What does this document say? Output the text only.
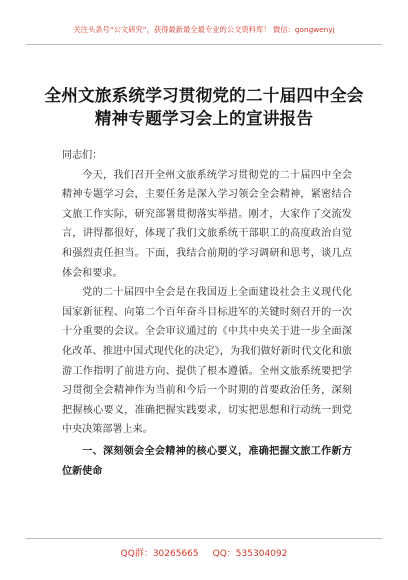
关注头条号“公文研究”，获得最新最全最专业的公文资料库！ 微信：gongwenyj
全州文旅系统学习贯彻党的二十届四中全会精神专题学习会上的宣讲报告

同志们：

今天，我们召开全州文旅系统学习贯彻党的二十届四中全会精神专题学习会，主要任务是深入学习领会全会精神，紧密结合文旅工作实际，研究部署贯彻落实举措。刚才，大家作了交流发言，讲得都很好，体现了我们文旅系统干部职工的高度政治自觉和强烈责任担当。下面，我结合前期的学习调研和思考，谈几点体会和要求。

党的二十届四中全会是在我国迈上全面建设社会主义现代化国家新征程、向第二个百年奋斗目标进军的关键时刻召开的一次十分重要的会议。全会审议通过的《中共中央关于进一步全面深化改革、推进中国式现代化的决定》，为我们做好新时代文化和旅游工作指明了前进方向、提供了根本遵循。全州文旅系统要把学习贯彻全会精神作为当前和今后一个时期的首要政治任务，深刻把握核心要义，准确把握实践要求，切实把思想和行动统一到党中央决策部署上来。

一、深刻领会全会精神的核心要义，准确把握文旅工作新方位新使命

QQ群：30265665 QQ：535304092
